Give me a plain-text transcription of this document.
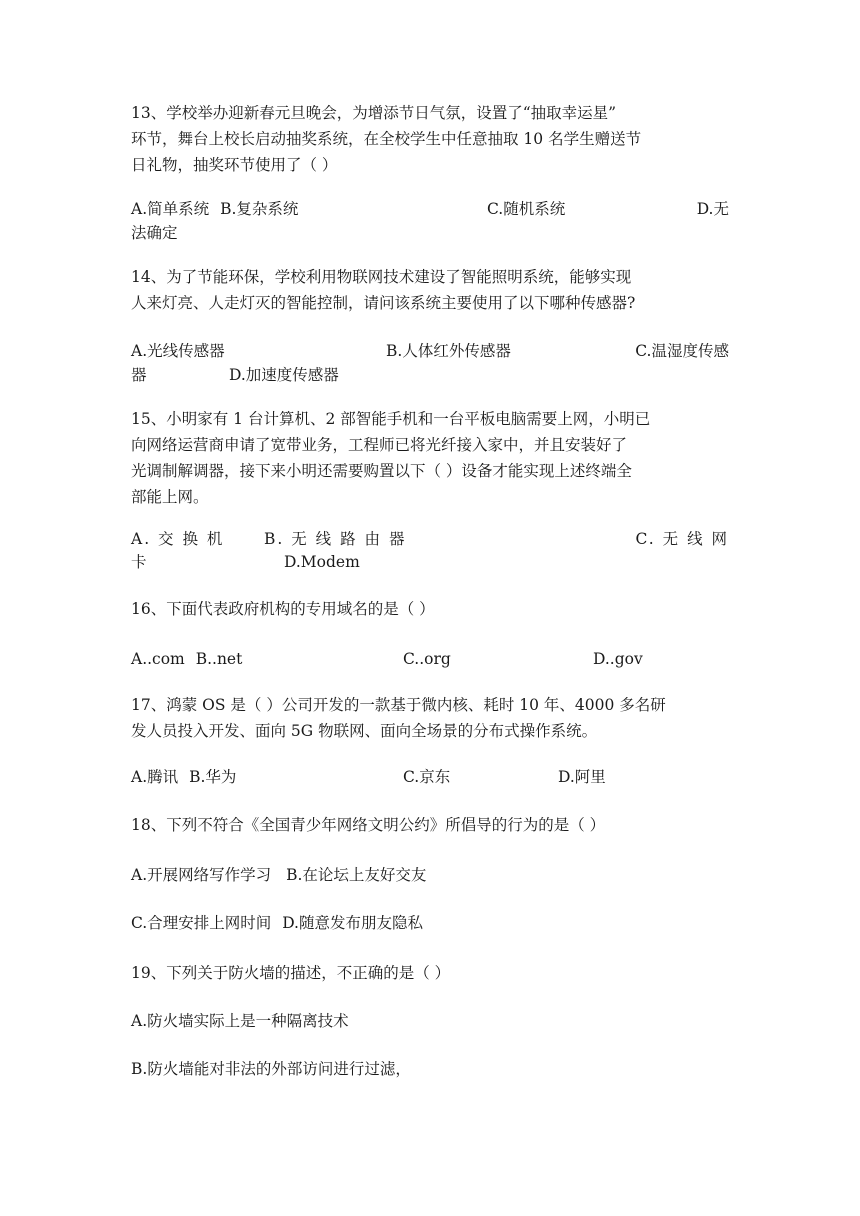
13、学校举办迎新春元旦晚会，为增添节日气氛，设置了“抽取幸运星”
环节，舞台上校长启动抽奖系统，在全校学生中任意抽取 10 名学生赠送节
日礼物，抽奖环节使用了（ ）
A.简单系统 B.复杂系统	C.随机系统	D.无
法确定
14、为了节能环保，学校利用物联网技术建设了智能照明系统，能够实现
人来灯亮、人走灯灭的智能控制，请问该系统主要使用了以下哪种传感器?
A.光线传感器	B.人体红外传感器	C.温湿度传感
器	D.加速度传感器
15、小明家有 1 台计算机、2 部智能手机和一台平板电脑需要上网，小明已
向网络运营商申请了宽带业务，工程师已将光纤接入家中，并且安装好了
光调制解调器，接下来小明还需要购置以下（ ）设备才能实现上述终端全
部能上网。
A. 交 换 机	B. 无 线 路 由 器	C. 无 线 网
卡	D.Modem
16、下面代表政府机构的专用域名的是（ ）
A..com B..net	C..org	D..gov
17、鸿蒙 OS 是（ ）公司开发的一款基于微内核、耗时 10 年、4000 多名研
发人员投入开发、面向 5G 物联网、面向全场景的分布式操作系统。
A.腾讯 B.华为	C.京东	D.阿里
18、下列不符合《全国青少年网络文明公约》所倡导的行为的是（ ）
A.开展网络写作学习 B.在论坛上友好交友
C.合理安排上网时间 D.随意发布朋友隐私
19、下列关于防火墙的描述，不正确的是（ ）
A.防火墙实际上是一种隔离技术
B.防火墙能对非法的外部访问进行过滤，
